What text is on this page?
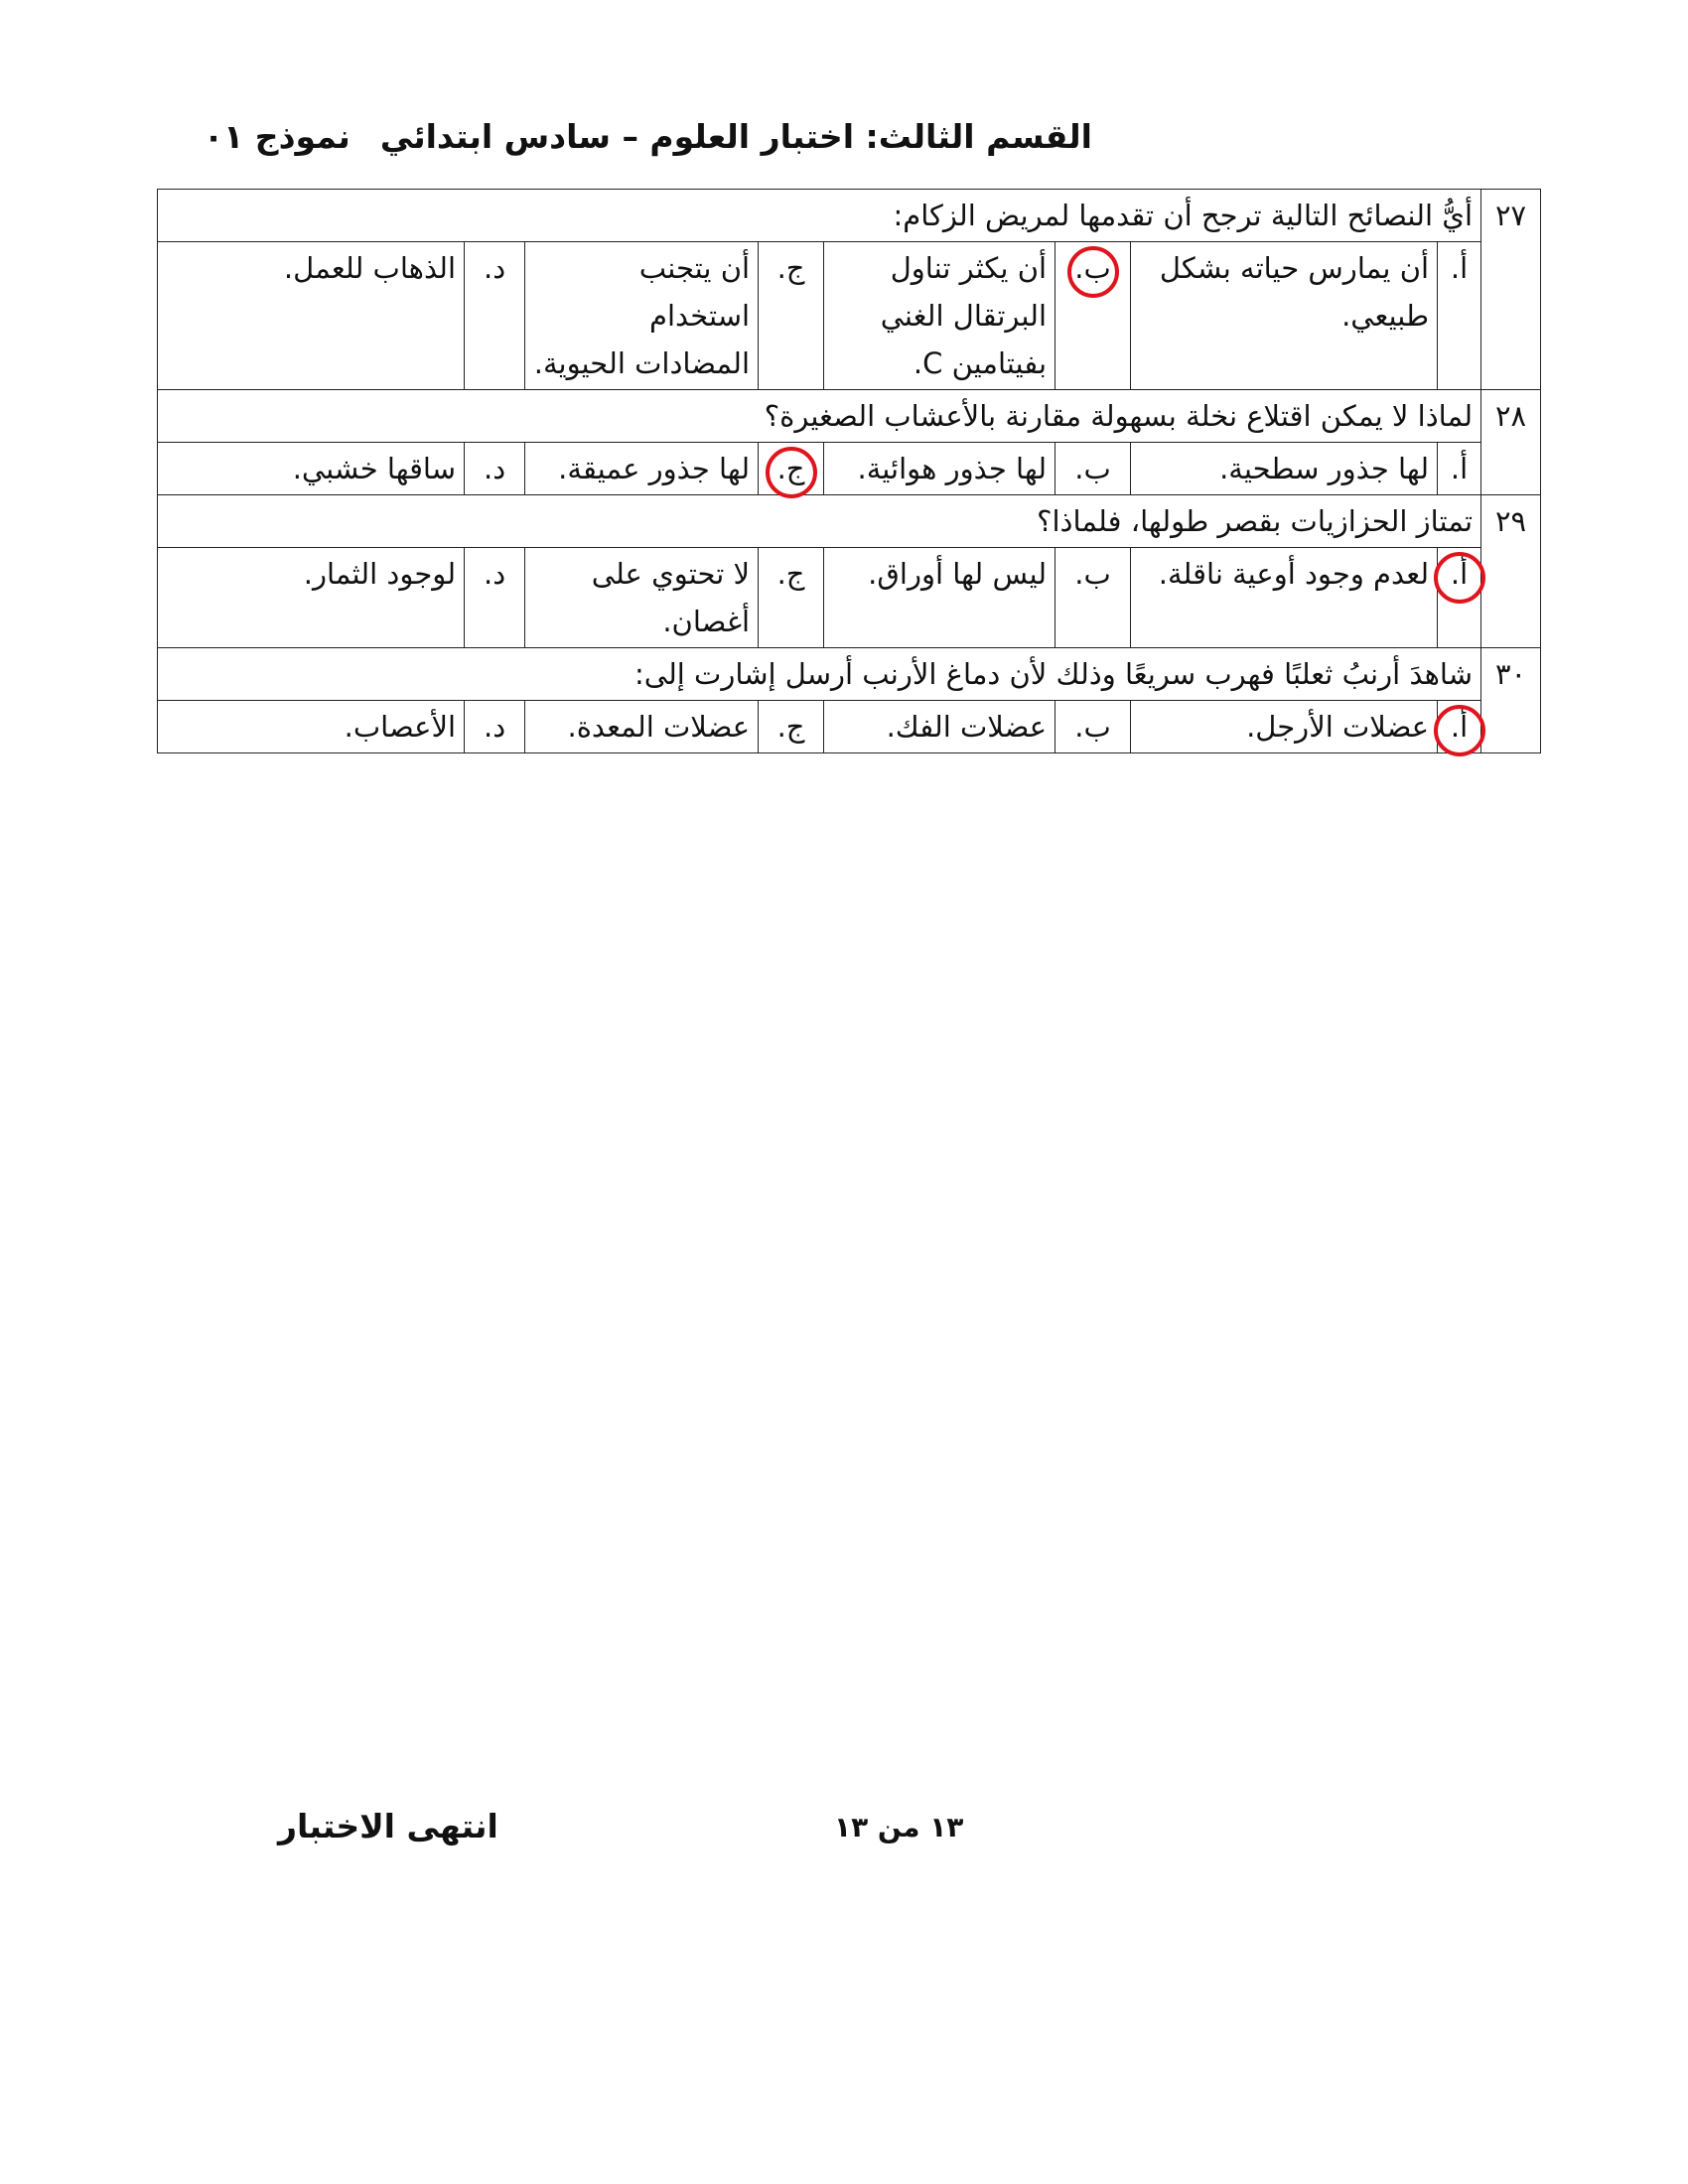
القسم الثالث: اختبار العلوم – سادس ابتدائي
نموذج ٠١
٢٧	أيُّ النصائح التالية ترجح أن تقدمها لمريض الزكام:							
	أ.	أن يمارس حياته بشكل طبيعي.	ب.	أن يكثر تناول البرتقال الغني بفيتامين C.	ج.	أن يتجنب استخدام المضادات الحيوية.	د.	الذهاب للعمل.
٢٨	لماذا لا يمكن اقتلاع نخلة بسهولة مقارنة بالأعشاب الصغيرة؟							
	أ.	لها جذور سطحية.	ب.	لها جذور هوائية.	ج.	لها جذور عميقة.	د.	ساقها خشبي.
٢٩	تمتاز الحزازيات بقصر طولها، فلماذا؟							
	أ.	لعدم وجود أوعية ناقلة.	ب.	ليس لها أوراق.	ج.	لا تحتوي على أغصان.	د.	لوجود الثمار.
٣٠	شاهدَ أرنبُ ثعلبًا فهرب سريعًا وذلك لأن دماغ الأرنب أرسل إشارت إلى:							
	أ.	عضلات الأرجل.	ب.	عضلات الفك.	ج.	عضلات المعدة.	د.	الأعصاب.
١٣ من ١٣
انتهى الاختبار
